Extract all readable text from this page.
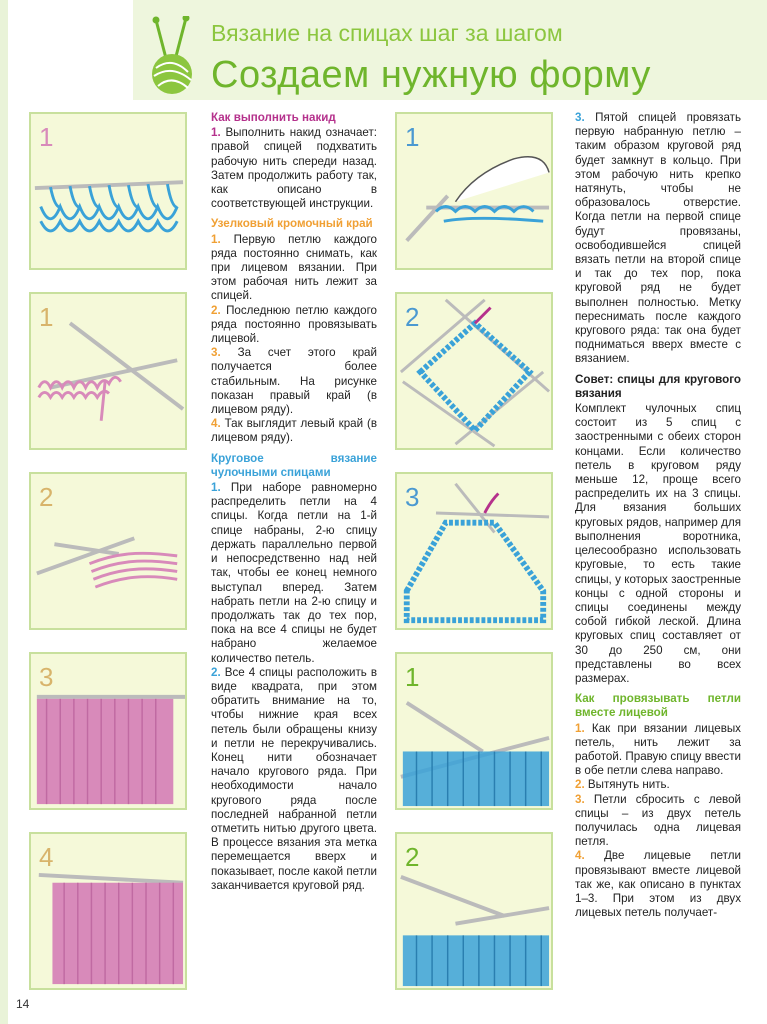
Вязание на спицах шаг за шагом
Создаем нужную форму
1
1
2
3
4

Как выполнить накид
1. Выполнить накид означает: правой спицей подхватить рабочую нить спереди назад. Затем продолжить работу так, как описано в соответствующей инструкции.

Узелковый кромочный край
1. Первую петлю каждого ряда постоянно снимать, как при лицевом вязании. При этом рабочая нить лежит за спицей.
2. Последнюю петлю каждого ряда постоянно провязывать лицевой.
3. За счет этого край получается более стабильным. На рисунке показан правый край (в лицевом ряду).
4. Так выглядит левый край (в лицевом ряду).

Круговое вязание чулочными спицами
1. При наборе равномерно распределить петли на 4 спицы. Когда петли на 1-й спице набраны, 2-ю спицу держать параллельно первой и непосредственно над ней так, чтобы ее конец немного выступал вперед. Затем набрать петли на 2-ю спицу и продолжать так до тех пор, пока на все 4 спицы не будет набрано желаемое количество петель.
2. Все 4 спицы расположить в виде квадрата, при этом обратить внимание на то, чтобы нижние края всех петель были обращены книзу и петли не перекручивались. Конец нити обозначает начало кругового ряда. При необходимости начало кругового ряда после последней набранной петли отметить нитью другого цвета. В процессе вязания эта метка перемещается вверх и показывает, после какой петли заканчивается круговой ряд.

1
2
3
1
2

3. Пятой спицей провязать первую набранную петлю – таким образом круговой ряд будет замкнут в кольцо. При этом рабочую нить крепко натянуть, чтобы не образовалось отверстие. Когда петли на первой спице будут провязаны, освободившейся спицей вязать петли на второй спице и так до тех пор, пока круговой ряд не будет выполнен полностью. Метку переснимать после каждого кругового ряда: так она будет подниматься вверх вместе с вязанием.

Совет: спицы для кругового вязания
Комплект чулочных спиц состоит из 5 спиц с заостренными с обеих сторон концами. Если количество петель в круговом ряду меньше 12, проще всего распределить их на 3 спицы. Для вязания больших круговых рядов, например для выполнения воротника, целесообразно использовать круговые, то есть такие спицы, у которых заостренные концы с одной стороны и спицы соединены между собой гибкой леской. Длина круговых спиц составляет от 30 до 250 см, они представлены во всех размерах.

Как провязывать петли вместе лицевой
1. Как при вязании лицевых петель, нить лежит за работой. Правую спицу ввести в обе петли слева направо.
2. Вытянуть нить.
3. Петли сбросить с левой спицы – из двух петель получилась одна лицевая петля.
4. Две лицевые петли провязывают вместе лицевой так же, как описано в пунктах 1–3. При этом из двух лицевых петель получает-

14
